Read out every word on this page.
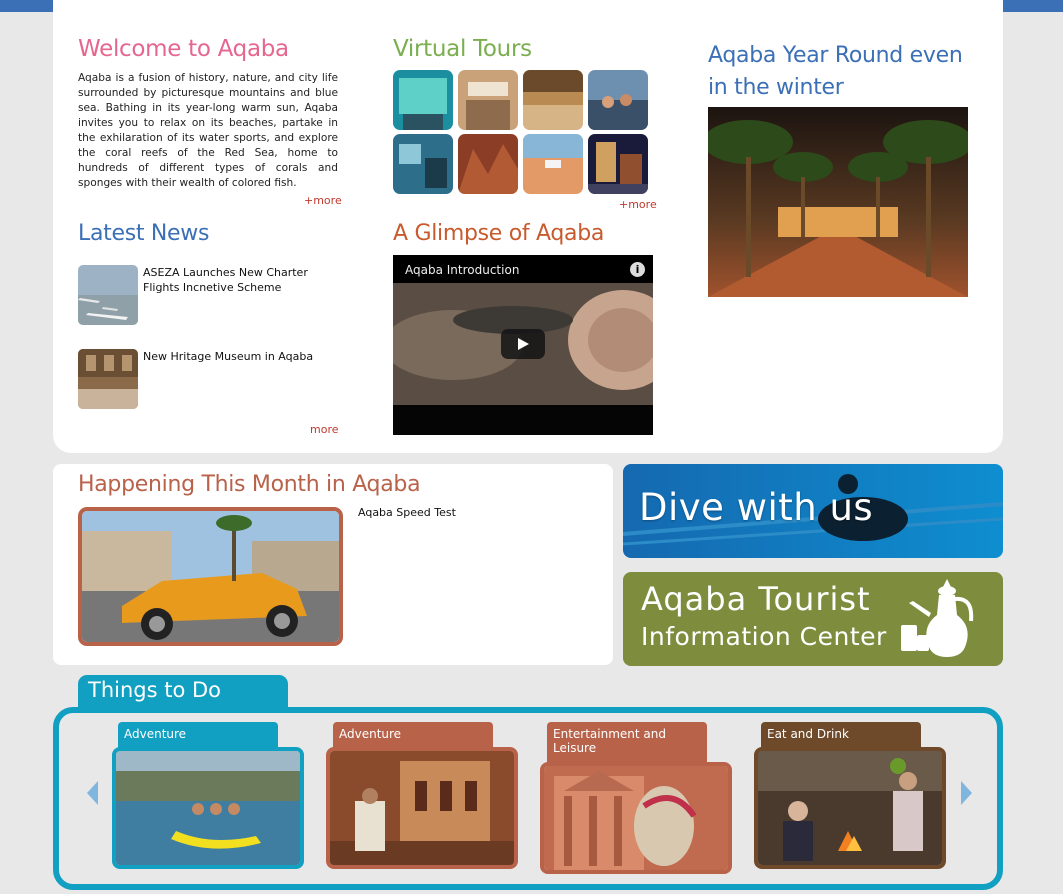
Welcome to Aqaba

Aqaba is a fusion of history, nature, and city life surrounded by picturesque mountains and blue sea. Bathing in its year-long warm sun, Aqaba invites you to relax on its beaches, partake in the exhilaration of its water sports, and explore the coral reefs of the Red Sea, home to hundreds of different types of corals and sponges with their wealth of colored fish.

+more
Latest News
ASEZA Launches New Charter Flights Incnetive Scheme
New Hritage Museum in Aqaba
more
Virtual Tours
+more
A Glimpse of Aqaba
Aqaba Introduction	i
Aqaba Year Round even in the winter
Happening This Month in Aqaba
Aqaba Speed Test	Dive with us
Aqaba Tourist
Information Center
Things to Do
Adventure	Adventure	Entertainment and Leisure
Eat and Drink
